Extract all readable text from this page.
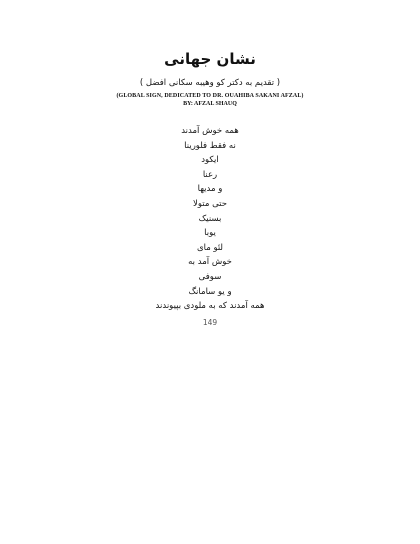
نشان جهانی
( تقدیم به دکتر کو وهیبه سکانی افضل )
(GLOBAL SIGN, DEDICATED TO DR. OUAHIBA SAKANI AFZAL)
BY: AFZAL SHAUQ
همه خوش آمدند
نه فقط فلورینا
ایکود
رعنا
و مدیها
حتی متولا
بسنیک
یوبا
لئو مای
خوش آمد به
سوفی
و یو سامانگ
همه آمدند که به ملودی بپیوندند
149
